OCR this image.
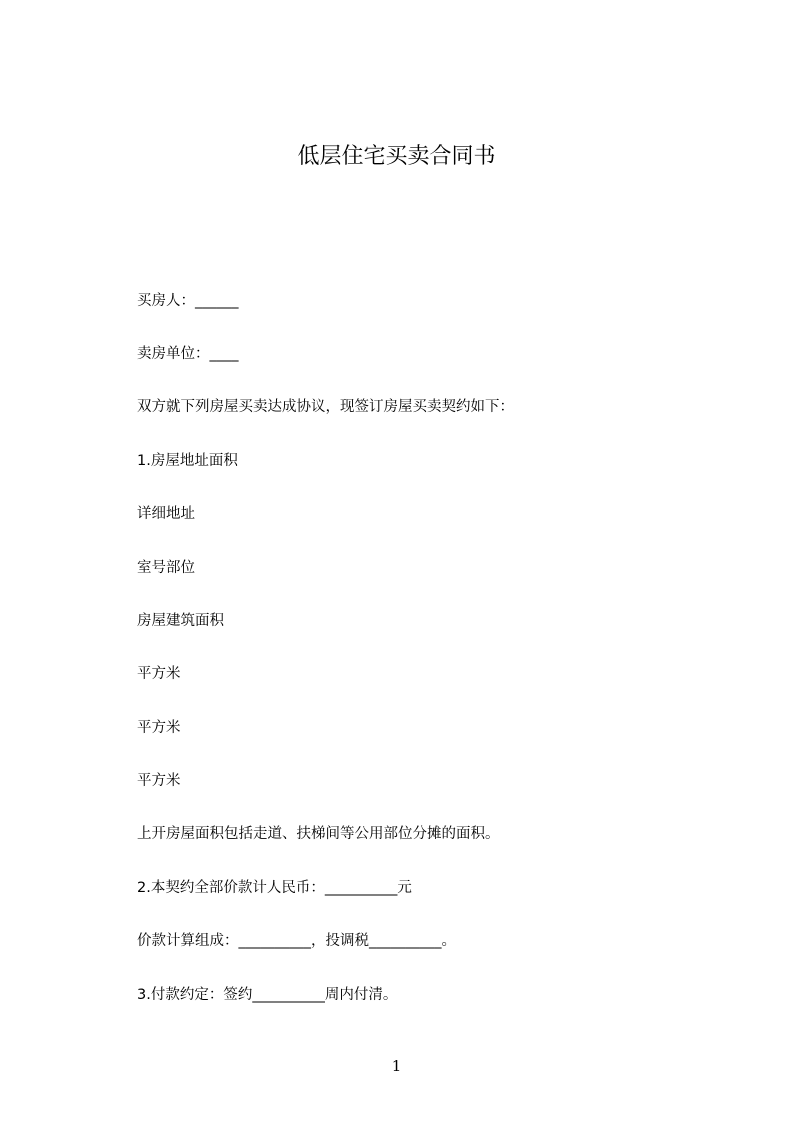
低层住宅买卖合同书

买房人：______

卖房单位：____

双方就下列房屋买卖达成协议，现签订房屋买卖契约如下：

1.房屋地址面积

详细地址

室号部位

房屋建筑面积

平方米

平方米

平方米

上开房屋面积包括走道、扶梯间等公用部位分摊的面积。

2.本契约全部价款计人民币：__________元

价款计算组成：__________，投调税__________。

3.付款约定：签约__________周内付清。

1
